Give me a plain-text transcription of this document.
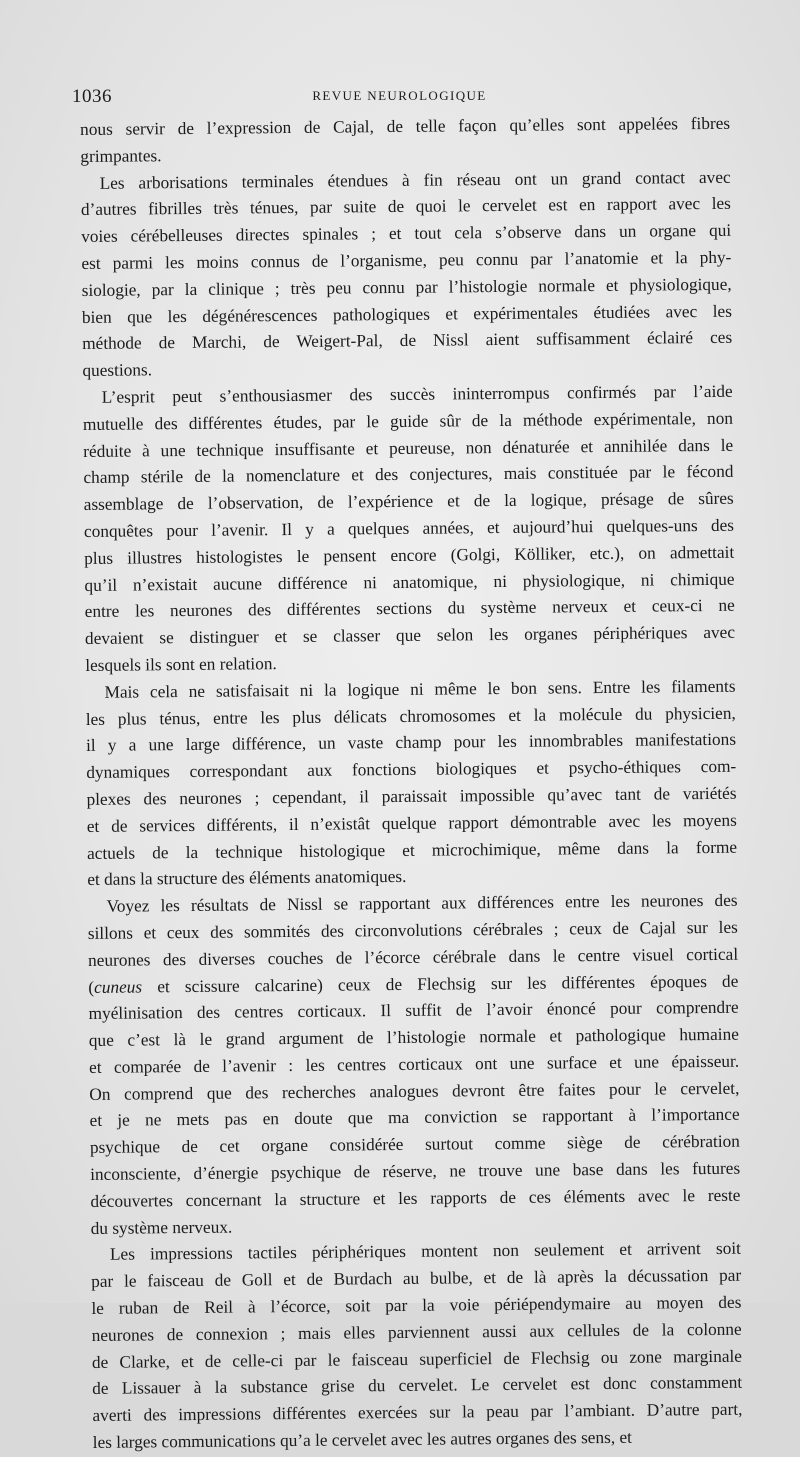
1036	REVUE NEUROLOGIQUE

nous servir de l’expression de Cajal, de telle façon qu’elles sont appelées fibres
grimpantes.

Les arborisations terminales étendues à fin réseau ont un grand contact avec
d’autres fibrilles très ténues, par suite de quoi le cervelet est en rapport avec les
voies cérébelleuses directes spinales ; et tout cela s’observe dans un organe qui
est parmi les moins connus de l’organisme, peu connu par l’anatomie et la phy-
siologie, par la clinique ; très peu connu par l’histologie normale et physiologique,
bien que les dégénérescences pathologiques et expérimentales étudiées avec les
méthode de Marchi, de Weigert-Pal, de Nissl aient suffisamment éclairé ces
questions.

L’esprit peut s’enthousiasmer des succès ininterrompus confirmés par l’aide
mutuelle des différentes études, par le guide sûr de la méthode expérimentale, non
réduite à une technique insuffisante et peureuse, non dénaturée et annihilée dans le
champ stérile de la nomenclature et des conjectures, mais constituée par le fécond
assemblage de l’observation, de l’expérience et de la logique, présage de sûres
conquêtes pour l’avenir. Il y a quelques années, et aujourd’hui quelques-uns des
plus illustres histologistes le pensent encore (Golgi, Kölliker, etc.), on admettait
qu’il n’existait aucune différence ni anatomique, ni physiologique, ni chimique
entre les neurones des différentes sections du système nerveux et ceux-ci ne
devaient se distinguer et se classer que selon les organes périphériques avec
lesquels ils sont en relation.

Mais cela ne satisfaisait ni la logique ni même le bon sens. Entre les filaments
les plus ténus, entre les plus délicats chromosomes et la molécule du physicien,
il y a une large différence, un vaste champ pour les innombrables manifestations
dynamiques correspondant aux fonctions biologiques et psycho-éthiques com-
plexes des neurones ; cependant, il paraissait impossible qu’avec tant de variétés
et de services différents, il n’existât quelque rapport démontrable avec les moyens
actuels de la technique histologique et microchimique, même dans la forme
et dans la structure des éléments anatomiques.

Voyez les résultats de Nissl se rapportant aux différences entre les neurones des
sillons et ceux des sommités des circonvolutions cérébrales ; ceux de Cajal sur les
neurones des diverses couches de l’écorce cérébrale dans le centre visuel cortical
(cuneus et scissure calcarine) ceux de Flechsig sur les différentes époques de
myélinisation des centres corticaux. Il suffit de l’avoir énoncé pour comprendre
que c’est là le grand argument de l’histologie normale et pathologique humaine
et comparée de l’avenir : les centres corticaux ont une surface et une épaisseur.
On comprend que des recherches analogues devront être faites pour le cervelet,
et je ne mets pas en doute que ma conviction se rapportant à l’importance
psychique de cet organe considérée surtout comme siège de cérébration
inconsciente, d’énergie psychique de réserve, ne trouve une base dans les futures
découvertes concernant la structure et les rapports de ces éléments avec le reste
du système nerveux.

Les impressions tactiles périphériques montent non seulement et arrivent soit
par le faisceau de Goll et de Burdach au bulbe, et de là après la décussation par
le ruban de Reil à l’écorce, soit par la voie périépendymaire au moyen des
neurones de connexion ; mais elles parviennent aussi aux cellules de la colonne
de Clarke, et de celle-ci par le faisceau superficiel de Flechsig ou zone marginale
de Lissauer à la substance grise du cervelet. Le cervelet est donc constamment
averti des impressions différentes exercées sur la peau par l’ambiant. D’autre part,
les larges communications qu’a le cervelet avec les autres organes des sens, et
